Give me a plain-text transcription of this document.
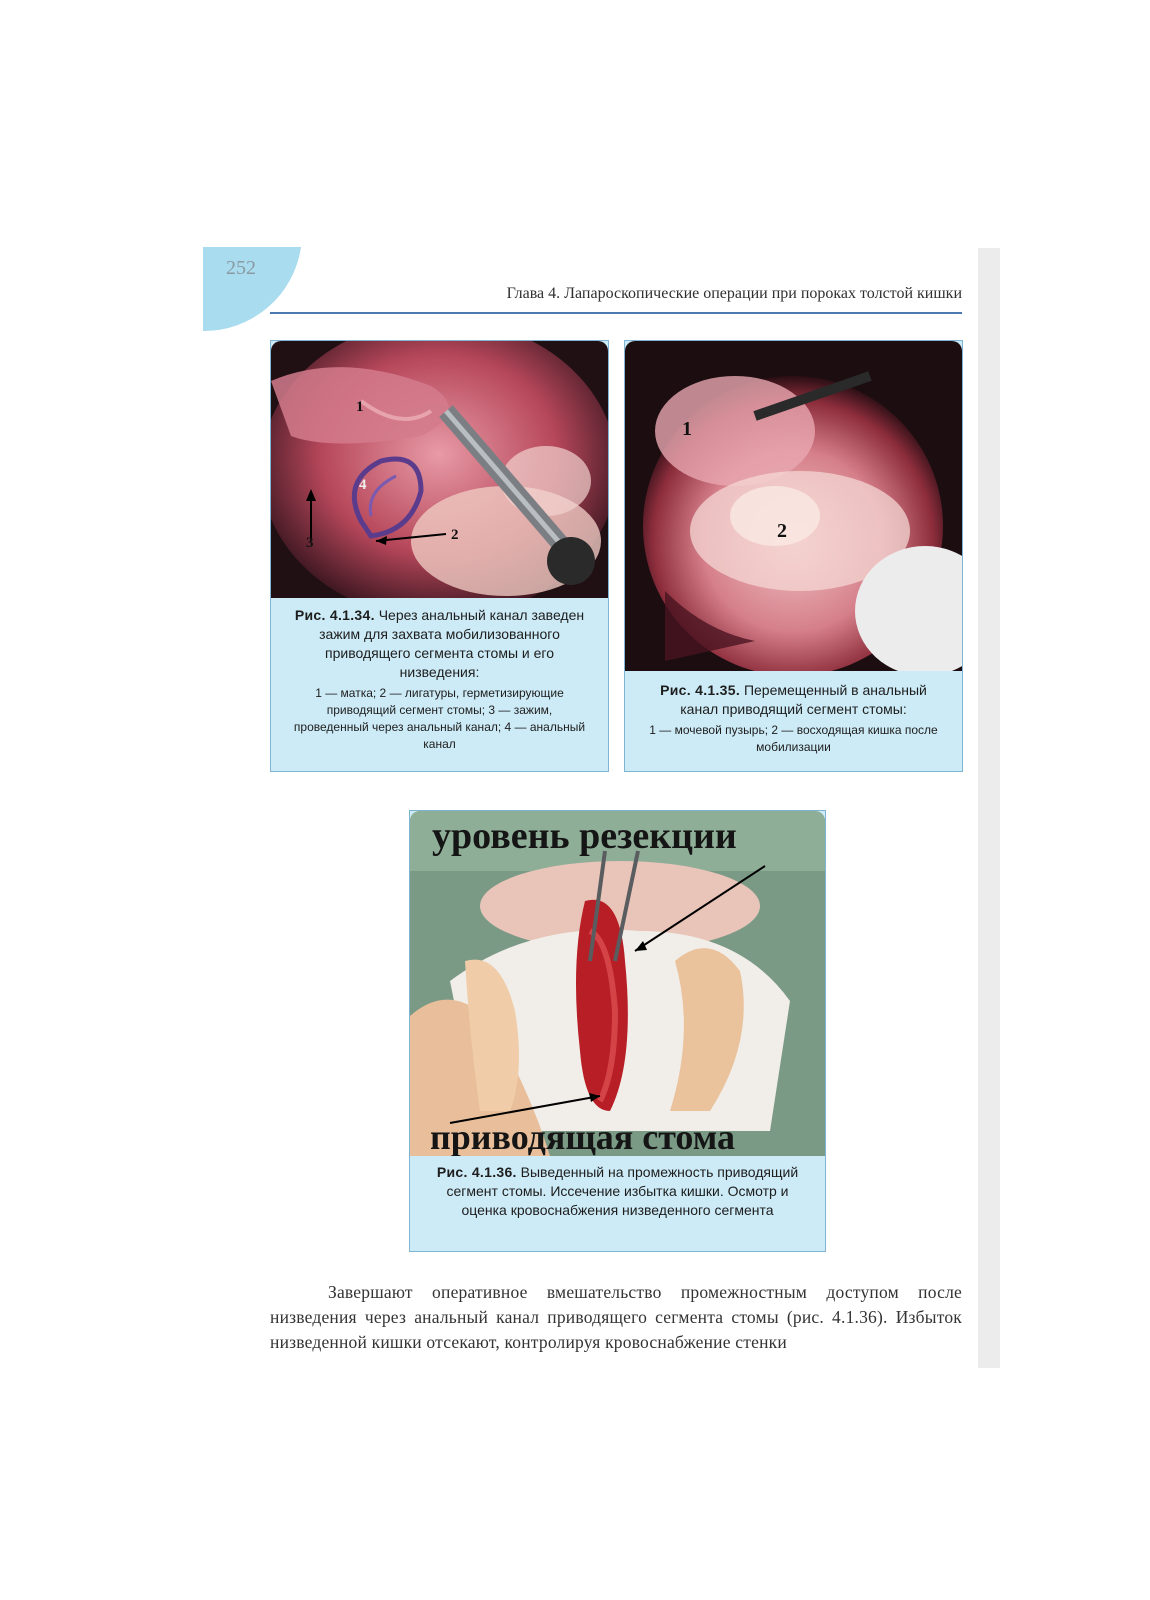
252
Глава 4. Лапароскопические операции при пороках толстой кишки
1
2
3
4
Рис. 4.1.34. Через анальный канал заведен зажим для захвата мобилизованного приводящего сегмента стомы и его низведения:
1 — матка; 2 — лигатуры, герметизирующие приводящий сегмент стомы; 3 — зажим, проведенный через анальный канал; 4 — анальный канал
1
2
Рис. 4.1.35. Перемещенный в анальный канал приводящий сегмент стомы:
1 — мочевой пузырь; 2 — восходящая кишка после мобилизации
уровень резекции
приводящая стома
Рис. 4.1.36. Выведенный на промежность приводящий сегмент стомы. Иссечение избытка кишки. Осмотр и оценка кровоснабжения низведенного сегмента
Завершают оперативное вмешательство промежностным доступом после низведения через анальный канал приводящего сегмента стомы (рис. 4.1.36). Избыток низведенной кишки отсекают, контролируя кровоснабжение стенки
